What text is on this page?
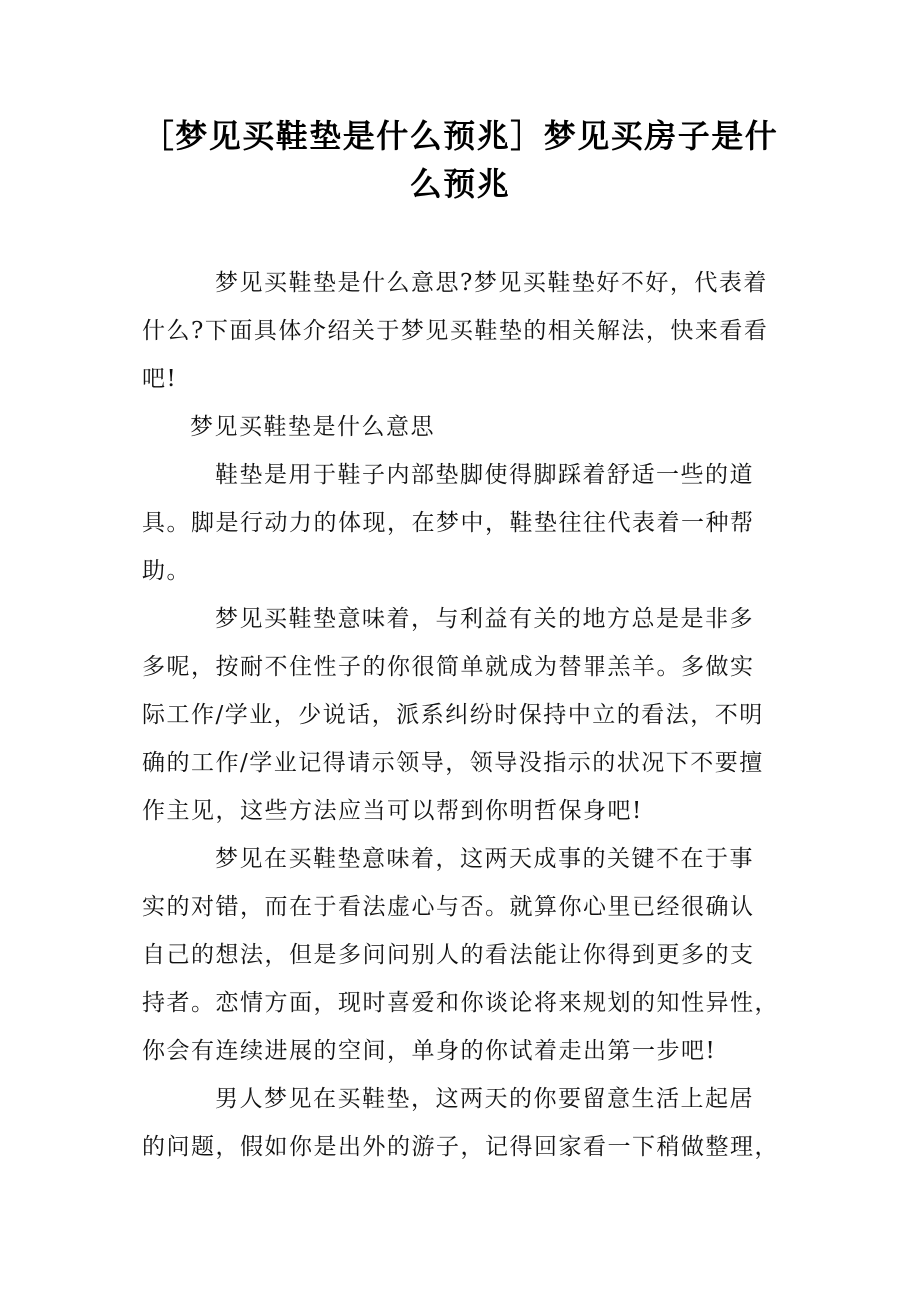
［梦见买鞋垫是什么预兆］梦见买房子是什
么预兆
梦见买鞋垫是什么意思?梦见买鞋垫好不好，代表着
什么?下面具体介绍关于梦见买鞋垫的相关解法，快来看看
吧!
梦见买鞋垫是什么意思
鞋垫是用于鞋子内部垫脚使得脚踩着舒适一些的道
具。脚是行动力的体现，在梦中，鞋垫往往代表着一种帮
助。
梦见买鞋垫意味着，与利益有关的地方总是是非多
多呢，按耐不住性子的你很简单就成为替罪羔羊。多做实
际工作/学业，少说话，派系纠纷时保持中立的看法，不明
确的工作/学业记得请示领导，领导没指示的状况下不要擅
作主见，这些方法应当可以帮到你明哲保身吧!
梦见在买鞋垫意味着，这两天成事的关键不在于事
实的对错，而在于看法虚心与否。就算你心里已经很确认
自己的想法，但是多问问别人的看法能让你得到更多的支
持者。恋情方面，现时喜爱和你谈论将来规划的知性异性，
你会有连续进展的空间，单身的你试着走出第一步吧!
男人梦见在买鞋垫，这两天的你要留意生活上起居
的问题，假如你是出外的游子，记得回家看一下稍做整理，
